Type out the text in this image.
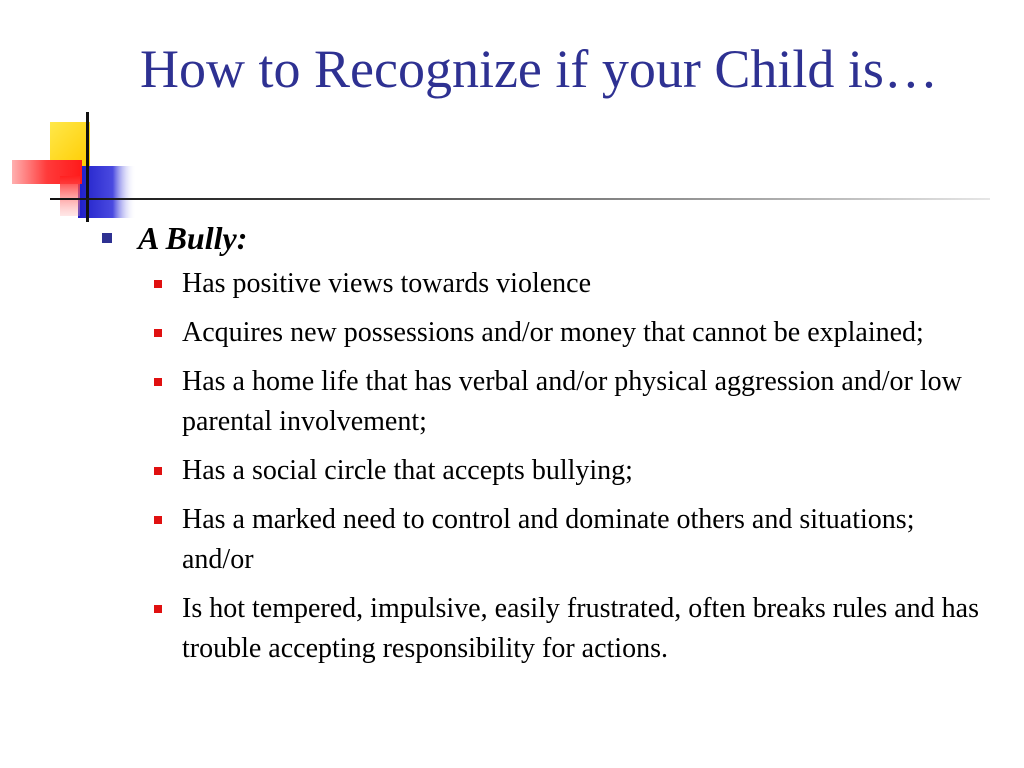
How to Recognize if your Child is…
A Bully:
Has positive views towards violence
Acquires new possessions and/or money that cannot be explained;
Has a home life that has verbal and/or physical aggression and/or low parental involvement;
Has a social circle that accepts bullying;
Has a marked need to control and dominate others and situations; and/or
Is hot tempered, impulsive, easily frustrated, often breaks rules and has trouble accepting responsibility for actions.
